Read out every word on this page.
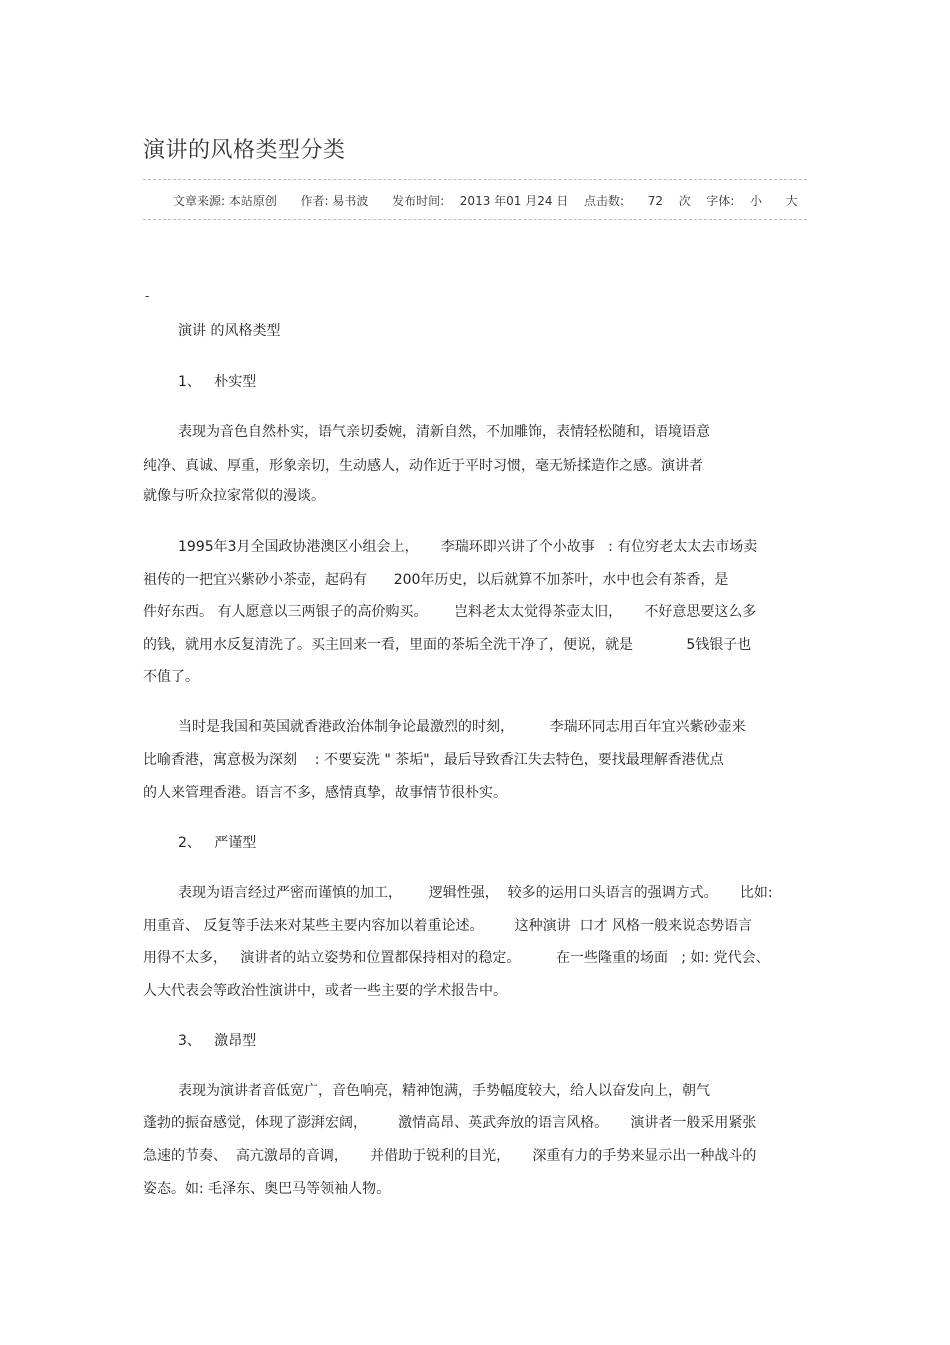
演讲的风格类型分类
文章来源: 本站原创 作者: 易书波 发布时间: 2013 年01 月24 日 点击数: 72 次 字体: 小 大
-
演讲 的风格类型
1、   朴实型
表现为音色自然朴实，语气亲切委婉，清新自然，不加雕饰，表情轻松随和，语境语意
纯净、真诚、厚重，形象亲切，生动感人，动作近于平时习惯，毫无矫揉造作之感。演讲者
就像与听众拉家常似的漫谈。
1995年3月全国政协港澳区小组会上，     李瑞环即兴讲了个小故事   : 有位穷老太太去市场卖
祖传的一把宜兴紫砂小茶壶，起码有      200年历史，以后就算不加茶叶，水中也会有茶香，是
件好东西。 有人愿意以三两银子的高价购买。      岂料老太太觉得茶壶太旧，     不好意思要这么多
的钱，就用水反复清洗了。买主回来一看，里面的茶垢全洗干净了，便说，就是            5钱银子也
不值了。
当时是我国和英国就香港政治体制争论最激烈的时刻，        李瑞环同志用百年宜兴紫砂壶来
比喻香港，寓意极为深刻    : 不要妄洗 " 茶垢"，最后导致香江失去特色，要找最理解香港优点
的人来管理香港。语言不多，感情真挚，故事情节很朴实。
2、   严谨型
表现为语言经过严密而谨慎的加工，      逻辑性强，  较多的运用口头语言的强调方式。     比如:
用重音、 反复等手法来对某些主要内容加以着重论述。       这种演讲  口才 风格一般来说态势语言
用得不太多，   演讲者的站立姿势和位置都保持相对的稳定。        在一些隆重的场面   ; 如: 党代会、
人大代表会等政治性演讲中，或者一些主要的学术报告中。
3、   激昂型
表现为演讲者音低宽广，音色响亮，精神饱满，手势幅度较大，给人以奋发向上，朝气
蓬勃的振奋感觉，体现了澎湃宏阔，       激情高昂、英武奔放的语言风格。     演讲者一般采用紧张
急速的节奏、  高亢激昂的音调，     并借助于锐利的目光，     深重有力的手势来显示出一种战斗的
姿态。如: 毛泽东、奥巴马等领袖人物。
